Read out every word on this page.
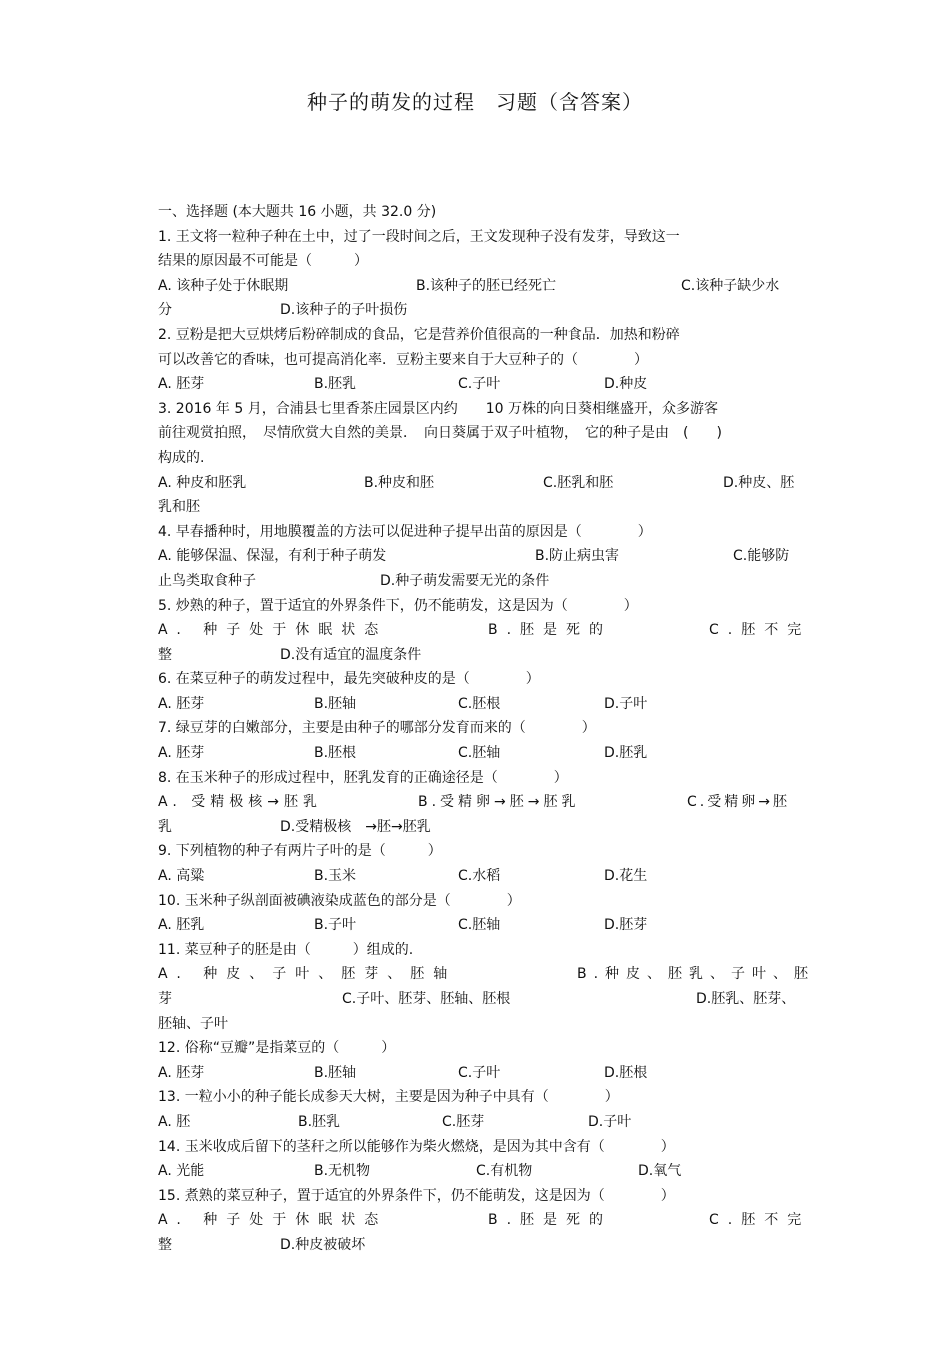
种子的萌发的过程　习题（含答案）
一、选择题 (本大题共 16 小题，共 32.0 分)
1. 王文将一粒种子种在土中，过了一段时间之后，王文发现种子没有发芽，导致这一
结果的原因最不可能是（　　　）
A. 该种子处于休眠期	B.该种子的胚已经死亡	C.该种子缺少水
分	D.该种子的子叶损伤
2. 豆粉是把大豆烘烤后粉碎制成的食品，它是营养价值很高的一种食品．加热和粉碎
可以改善它的香味，也可提高消化率．豆粉主要来自于大豆种子的（　　　　）
A. 胚芽	B.胚乳	C.子叶	D.种皮
3. 2016 年 5 月，合浦县七里香茶庄园景区内约　　10 万株的向日葵相继盛开，众多游客
前往观赏拍照，　尽情欣赏大自然的美景．　向日葵属于双子叶植物，　它的种子是由　(　　)
构成的.
A. 种皮和胚乳	B.种皮和胚	C.胚乳和胚	D.种皮、胚
乳和胚
4. 早春播种时，用地膜覆盖的方法可以促进种子提早出苗的原因是（　　　　）
A. 能够保温、保湿，有利于种子萌发	B.防止病虫害	C.能够防
止鸟类取食种子	D.种子萌发需要无光的条件
5. 炒熟的种子，置于适宜的外界条件下，仍不能萌发，这是因为（　　　　）
A. 种子处于休眠状态	B.胚是死的	C.胚不完
整	D.没有适宜的温度条件
6. 在菜豆种子的萌发过程中，最先突破种皮的是（　　　　）
A. 胚芽	B.胚轴	C.胚根	D.子叶
7. 绿豆芽的白嫩部分，主要是由种子的哪部分发育而来的（　　　　）
A. 胚芽	B.胚根	C.胚轴	D.胚乳
8. 在玉米种子的形成过程中，胚乳发育的正确途径是（　　　　）
A. 受精极核→胚乳	B.受精卵→胚→胚乳	C.受精卵→胚
乳	D.受精极核　→胚→胚乳
9. 下列植物的种子有两片子叶的是（　　　）
A. 高粱	B.玉米	C.水稻	D.花生
10. 玉米种子纵剖面被碘液染成蓝色的部分是（　　　　）
A. 胚乳	B.子叶	C.胚轴	D.胚芽
11. 菜豆种子的胚是由（　　　）组成的.
A. 种皮、子叶、胚芽、胚轴	B.种皮、胚乳、子叶、胚
芽	C.子叶、胚芽、胚轴、胚根	D.胚乳、胚芽、
胚轴、子叶
12. 俗称“豆瓣”是指菜豆的（　　　）
A. 胚芽	B.胚轴	C.子叶	D.胚根
13. 一粒小小的种子能长成参天大树，主要是因为种子中具有（　　　　）
A. 胚	B.胚乳	C.胚芽	D.子叶
14. 玉米收成后留下的茎秆之所以能够作为柴火燃烧，是因为其中含有（　　　　）
A. 光能	B.无机物	C.有机物	D.氧气
15. 煮熟的菜豆种子，置于适宜的外界条件下，仍不能萌发，这是因为（　　　　）
A. 种子处于休眠状态	B.胚是死的	C.胚不完
整	D.种皮被破坏
